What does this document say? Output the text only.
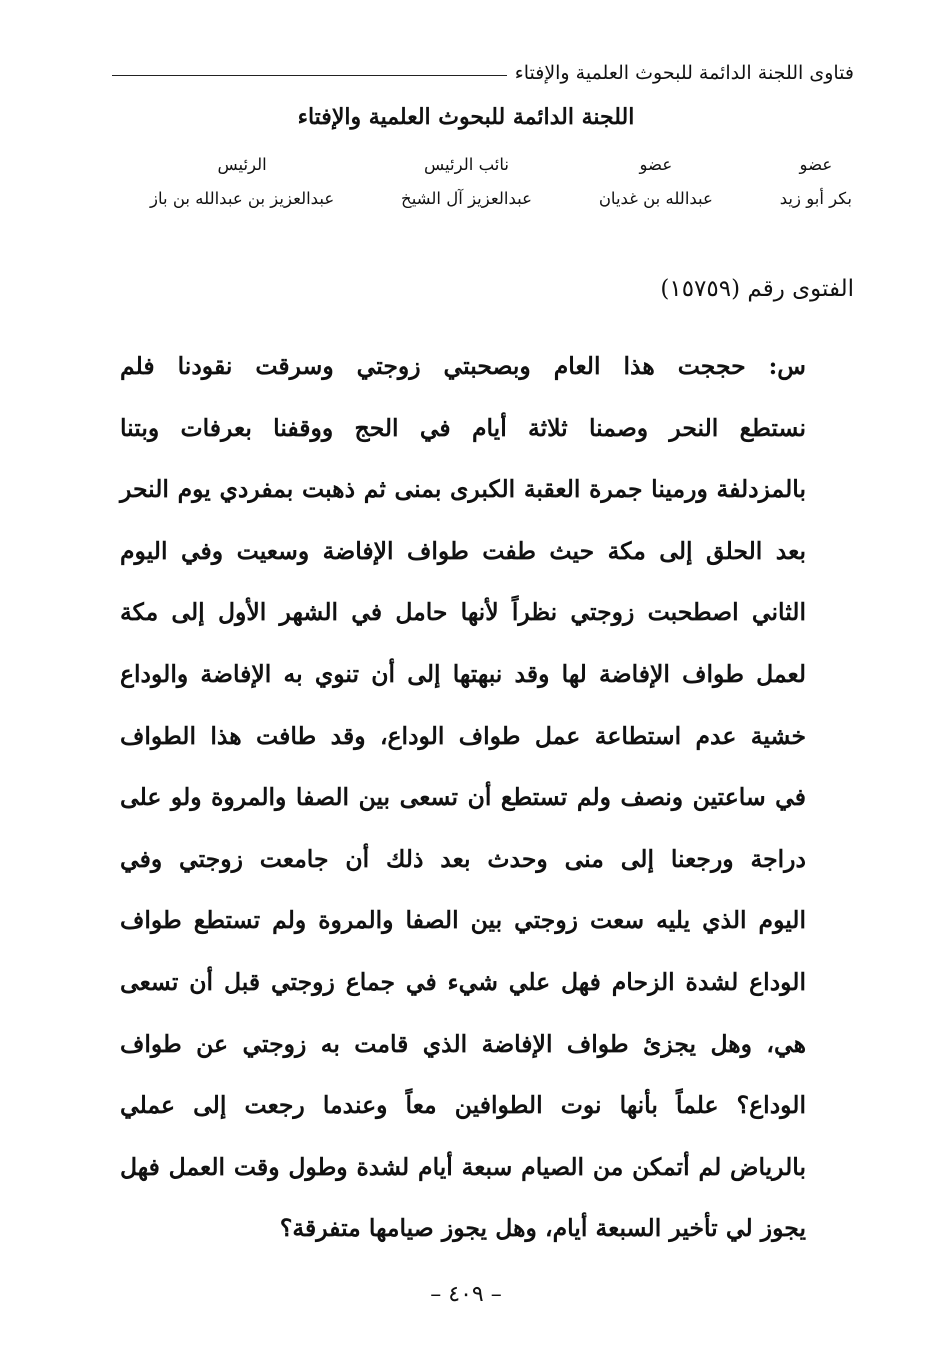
فتاوى اللجنة الدائمة للبحوث العلمية والإفتاء
اللجنة الدائمة للبحوث العلمية والإفتاء
عضو
بكر أبو زيد
عضو
عبدالله بن غديان
نائب الرئيس
عبدالعزيز آل الشيخ
الرئيس
عبدالعزيز بن عبدالله بن باز
الفتوى رقم (١٥٧٥٩)
س: حججت هذا العام وبصحبتي زوجتي وسرقت نقودنا فلم
نستطع النحر وصمنا ثلاثة أيام في الحج ووقفنا بعرفات وبتنا
بالمزدلفة ورمينا جمرة العقبة الكبرى بمنى ثم ذهبت بمفردي يوم النحر
بعد الحلق إلى مكة حيث طفت طواف الإفاضة وسعيت وفي اليوم
الثاني اصطحبت زوجتي نظراً لأنها حامل في الشهر الأول إلى مكة
لعمل طواف الإفاضة لها وقد نبهتها إلى أن تنوي به الإفاضة والوداع
خشية عدم استطاعة عمل طواف الوداع، وقد طافت هذا الطواف
في ساعتين ونصف ولم تستطع أن تسعى بين الصفا والمروة ولو على
دراجة ورجعنا إلى منى وحدث بعد ذلك أن جامعت زوجتي وفي
اليوم الذي يليه سعت زوجتي بين الصفا والمروة ولم تستطع طواف
الوداع لشدة الزحام فهل علي شيء في جماع زوجتي قبل أن تسعى
هي، وهل يجزئ طواف الإفاضة الذي قامت به زوجتي عن طواف
الوداع؟ علماً بأنها نوت الطوافين معاً وعندما رجعت إلى عملي
بالرياض لم أتمكن من الصيام سبعة أيام لشدة وطول وقت العمل فهل
يجوز لي تأخير السبعة أيام، وهل يجوز صيامها متفرقة؟
– ٤٠٩ –
